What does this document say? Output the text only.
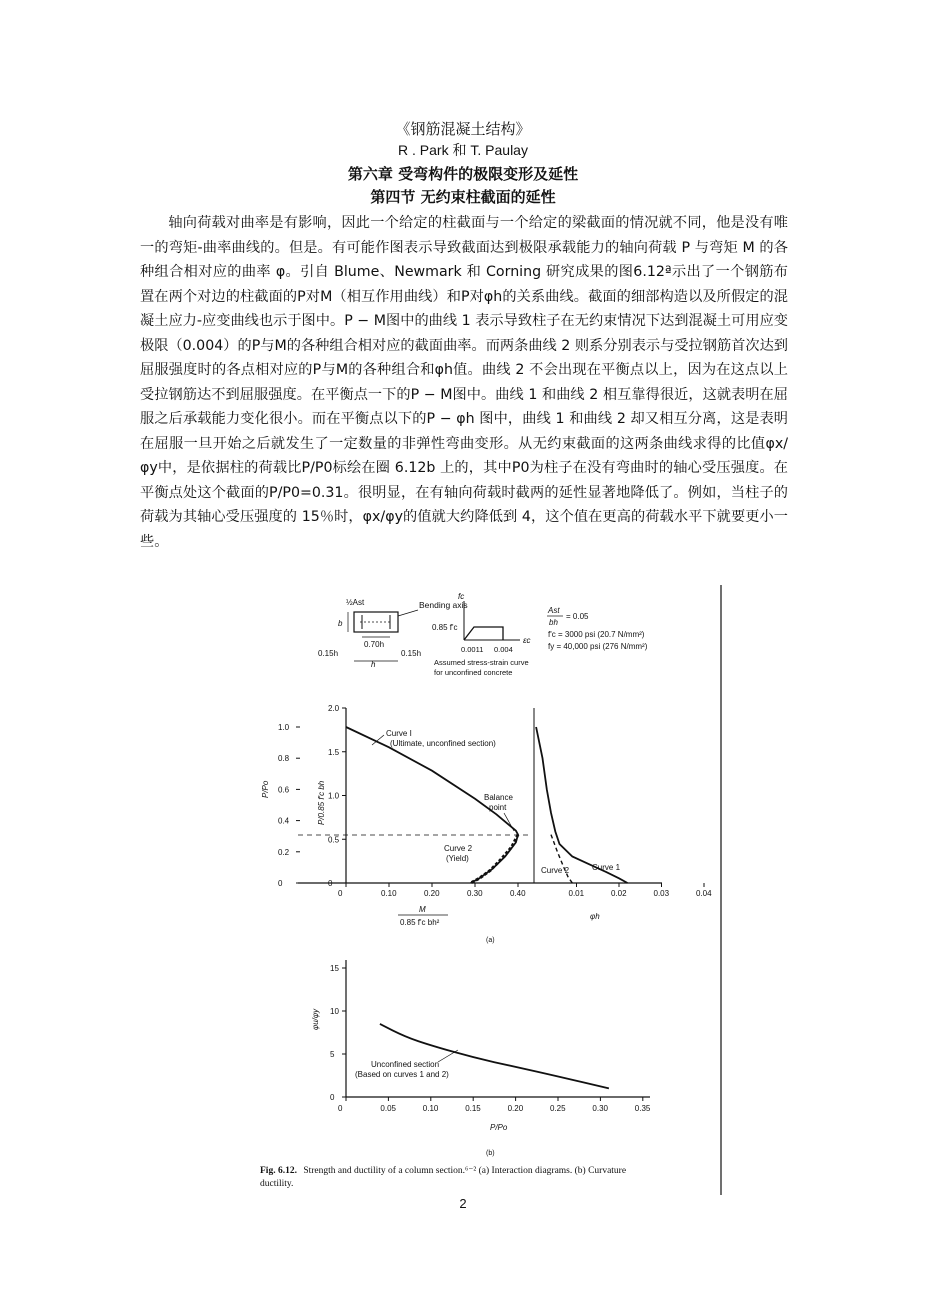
《钢筋混凝土结构》
R . Park 和 T. Paulay
第六章 受弯构件的极限变形及延性
第四节 无约束柱截面的延性

轴向荷载对曲率是有影响，因此一个给定的柱截面与一个给定的梁截面的情况就不同，他是没有唯一的弯矩-曲率曲线的。但是。有可能作图表示导致截面达到极限承载能力的轴向荷载 P 与弯矩 M 的各种组合相对应的曲率 φ。引自 Blume、Newmark 和 Corning 研究成果的图6.12ª示出了一个钢筋布置在两个对边的柱截面的P对M（相互作用曲线）和P对φh的关系曲线。截面的细部构造以及所假定的混凝土应力-应变曲线也示于图中。P − M图中的曲线 1 表示导致柱子在无约束情况下达到混凝土可用应变极限（0.004）的P与M的各种组合相对应的截面曲率。而两条曲线 2 则系分别表示与受拉钢筋首次达到屈服强度时的各点相对应的P与M的各种组合和φh值。曲线 2 不会出现在平衡点以上，因为在这点以上受拉钢筋达不到屈服强度。在平衡点一下的P − M图中。曲线 1 和曲线 2 相互靠得很近，这就表明在屈服之后承载能力变化很小。而在平衡点以下的P − φh 图中，曲线 1 和曲线 2 却又相互分离，这是表明在屈服一旦开始之后就发生了一定数量的非弹性弯曲变形。从无约束截面的这两条曲线求得的比值φx/φy中，是依据柱的荷载比P/P0标绘在圈 6.12b 上的，其中P0为柱子在没有弯曲时的轴心受压强度。在平衡点处这个截面的P/P0=0.31。很明显，在有轴向荷载时截两的延性显著地降低了。例如，当柱子的荷载为其轴心受压强度的 15％时，φx/φy的值就大约降低到 4，这个值在更高的荷载水平下就要更小一些。

Bending axis
½Ast
b
0.70h
0.15h	0.15h
h
fc
0.85 f'c
εc
0.0011 0.004
Assumed stress-strain curve
for unconfined concrete
Ast
bh
= 0.05
f'c = 3000 psi (20.7 N/mm²)
fy = 40,000 psi (276 N/mm²)
1.0
0.8
0.6
0.4
0.2
0
2.0
1.5
1.0
0.5
0
0	0.10	0.20	0.30	0.40	0.01	0.02	0.03	0.04
P/Po	P/0.85 f'c bh
Curve I
(Ultimate, unconfined section)
Balance
point
Curve 2
(Yield)
Curve 2	Curve 1
M
0.85 f'c bh²
φh
(a)
15
10
5
0
0	0.05	0.10	0.15	0.20	0.25	0.30	0.35
φu/φy
Unconfined section
(Based on curves 1 and 2)
P/Po
(b)
Fig. 6.12. Strength and ductility of a column section.⁶⁻² (a) Interaction diagrams. (b) Curvature
ductility.
2
